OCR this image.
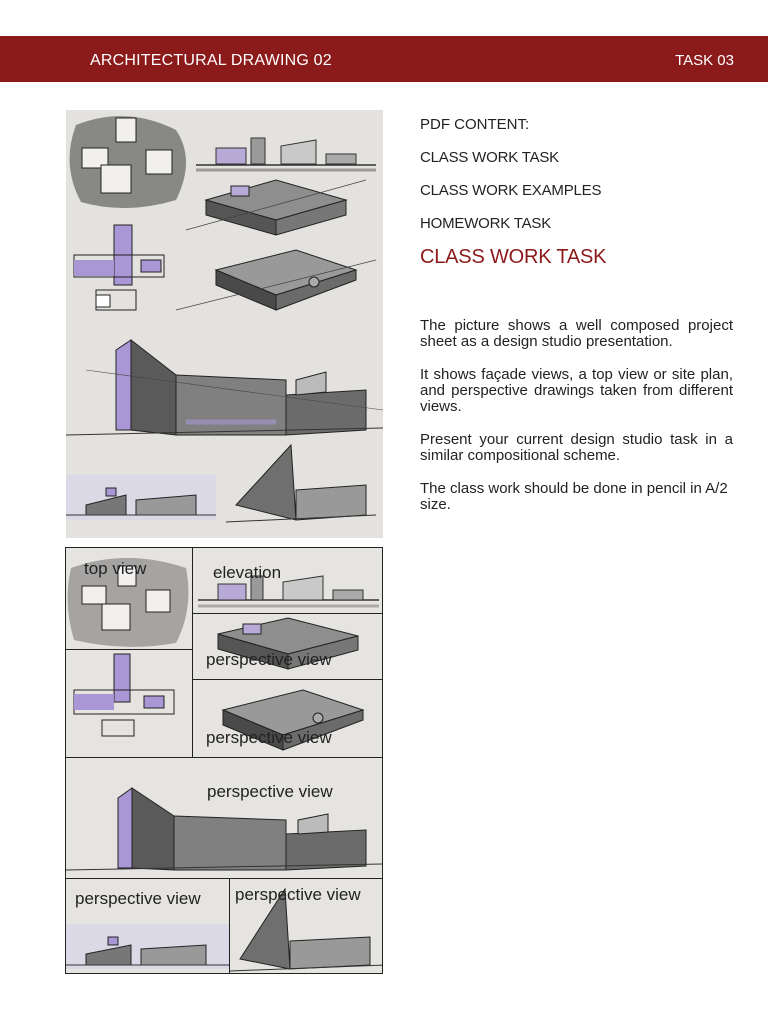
ARCHITECTURAL DRAWING 02	TASK 03
top view	elevation
perspective view
perspective view
perspective view
perspective view perspective view
PDF CONTENT:
CLASS WORK TASK
CLASS WORK EXAMPLES
HOMEWORK TASK
CLASS WORK TASK

The picture shows a well composed project sheet as a design studio presentation.

It shows façade views, a top view or site plan, and perspective drawings taken from different views.

Present your current design studio task in a similar compositional scheme.

The class work should be done in pencil in A/2 size.
